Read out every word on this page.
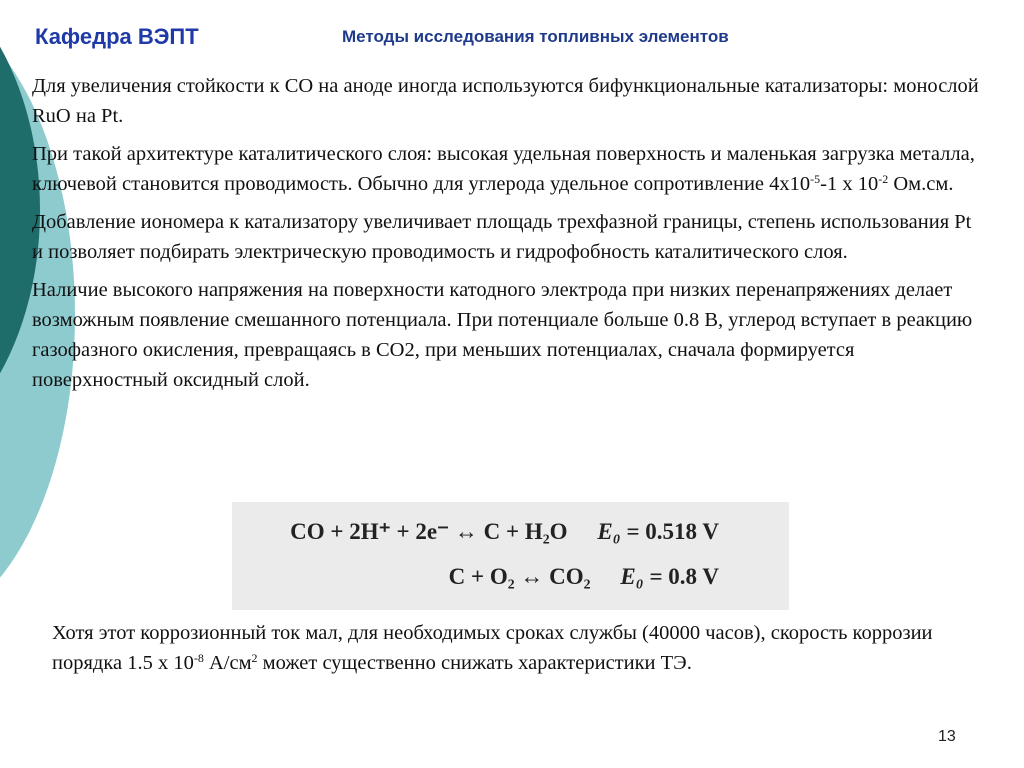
Кафедра ВЭПТ	Методы исследования топливных элементов

Для увеличения стойкости к CO на аноде иногда используются бифункциональные катализаторы: монослой RuO на Pt.

При такой архитектуре каталитического слоя: высокая удельная поверхность и маленькая загрузка металла, ключевой становится проводимость. Обычно для углерода удельное сопротивление $4x10^{-5}-1$ x $10^{-2}$ Ом.см.

Добавление иономера к катализатору увеличивает площадь трехфазной границы, степень использования Pt и позволяет подбирать электрическую проводимость и гидрофобность каталитического слоя.

Наличие высокого напряжения на поверхности катодного электрода при низких перенапряжениях делает возможным появление смешанного потенциала. При потенциале больше 0.8 В, углерод вступает в реакцию газофазного окисления, превращаясь в CO2, при меньших потенциалах, сначала формируется поверхностный оксидный слой.

CO + 2H⁺ + 2e⁻ ↔ C + H₂O E₀ = 0.518 V
C + O₂ ↔ CO₂ E₀ = 0.8 V
Хотя этот коррозионный ток мал, для необходимых сроках службы (40000 часов), скорость коррозии порядка 1.5 x $10^{-8}$ $А/см^2$ может существенно снижать характеристики ТЭ.
13
